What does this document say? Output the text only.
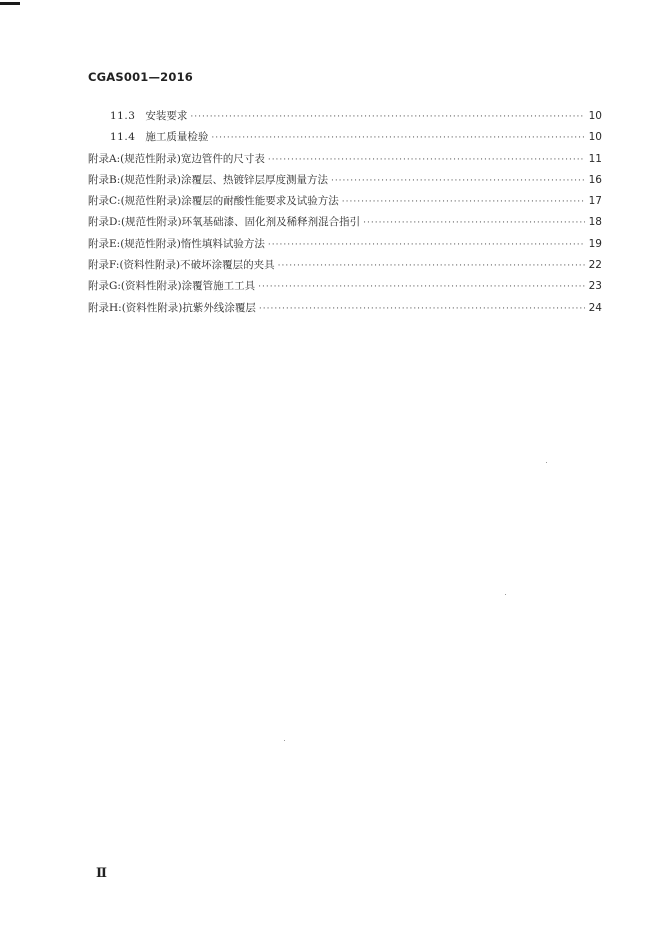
CGAS001—2016
11.3 安装要求 ·····	10
11.4 施工质量检验 ·····	10
附录A:(规范性附录)宽边管件的尺寸表 ·····	11
附录B:(规范性附录)涂覆层、热镀锌层厚度测量方法 ·····	16
附录C:(规范性附录)涂覆层的耐酸性能要求及试验方法 ·····	17
附录D:(规范性附录)环氧基础漆、固化剂及稀释剂混合指引 ·····	18
附录E:(规范性附录)惰性填料试验方法 ·····	19
附录F:(资料性附录)不破坏涂覆层的夹具 ·····	22
附录G:(资料性附录)涂覆管施工工具 ·····	23
附录H:(资料性附录)抗紫外线涂覆层 ·····	24
Ⅱ
